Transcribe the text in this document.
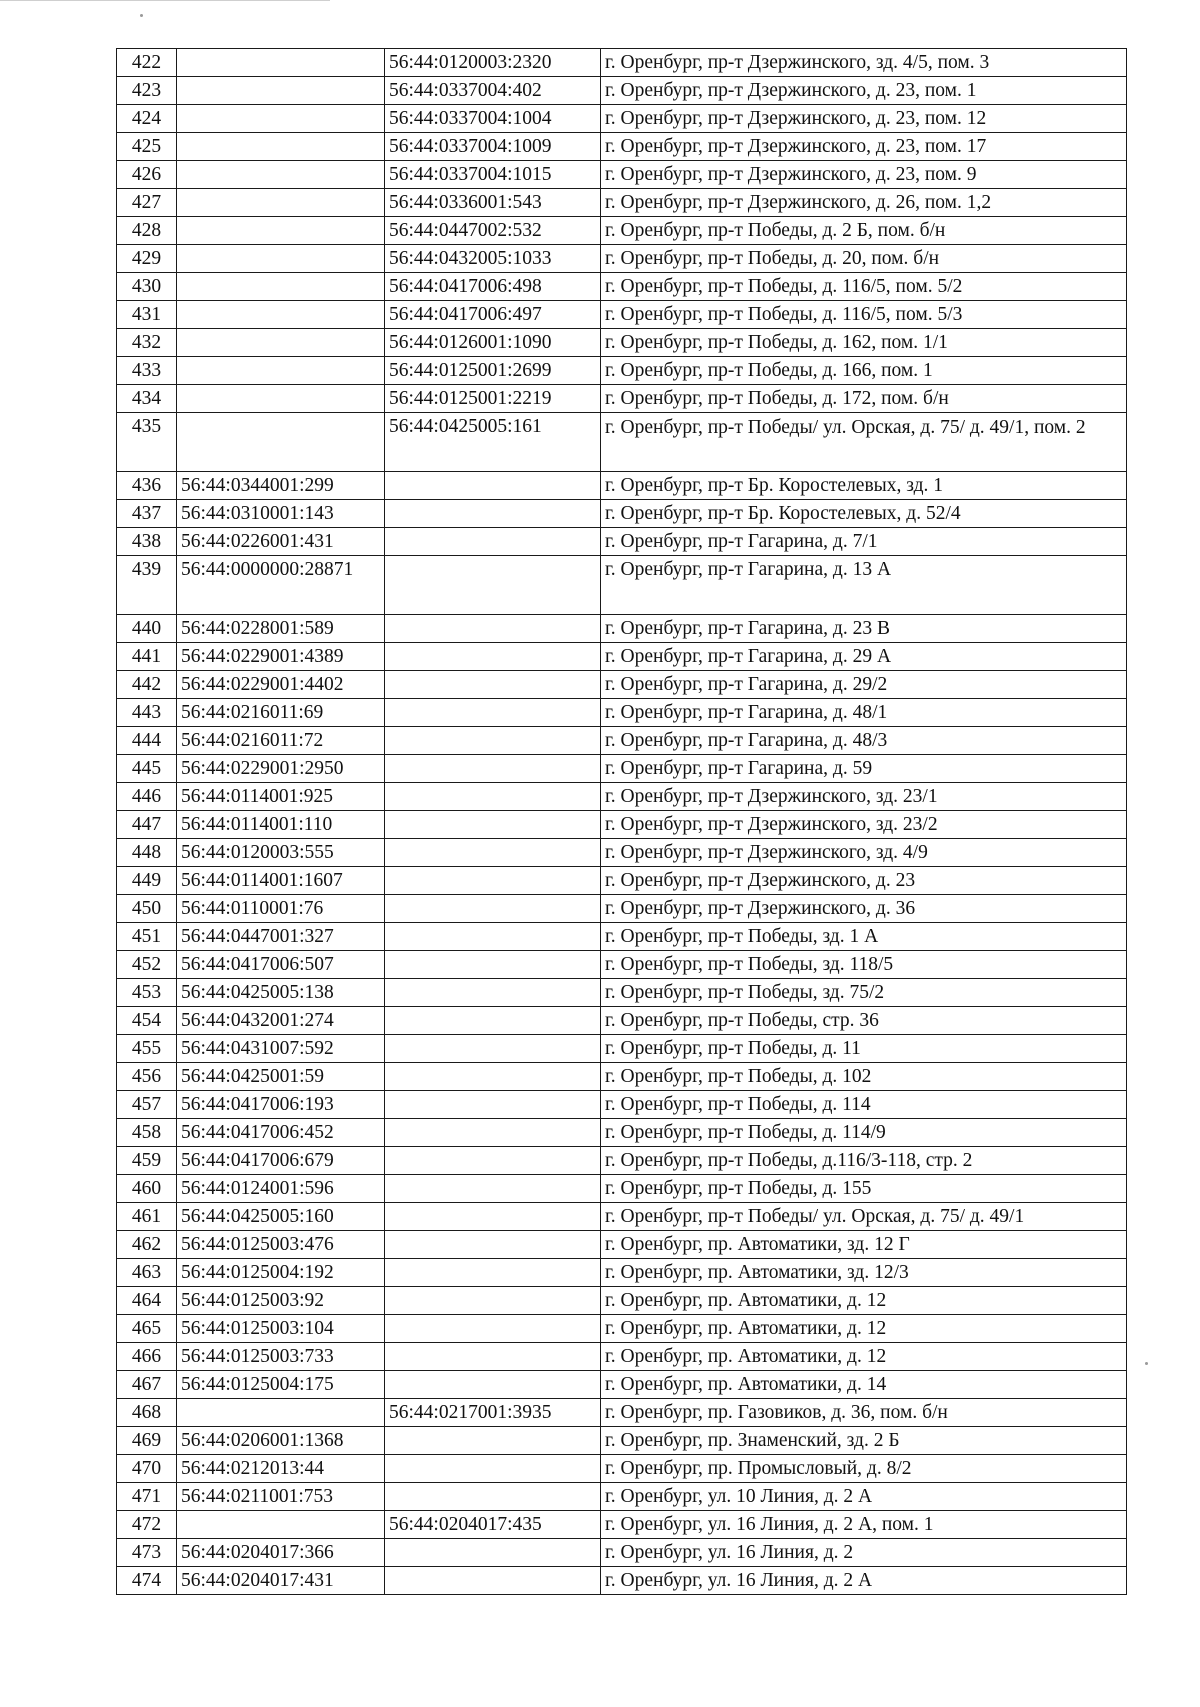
422		56:44:0120003:2320	г. Оренбург, пр-т Дзержинского, зд. 4/5, пом. 3
423		56:44:0337004:402	г. Оренбург, пр-т Дзержинского, д. 23, пом. 1
424		56:44:0337004:1004	г. Оренбург, пр-т Дзержинского, д. 23, пом. 12
425		56:44:0337004:1009	г. Оренбург, пр-т Дзержинского, д. 23, пом. 17
426		56:44:0337004:1015	г. Оренбург, пр-т Дзержинского, д. 23, пом. 9
427		56:44:0336001:543	г. Оренбург, пр-т Дзержинского, д. 26, пом. 1,2
428		56:44:0447002:532	г. Оренбург, пр-т Победы, д. 2 Б, пом. б/н
429		56:44:0432005:1033	г. Оренбург, пр-т Победы, д. 20, пом. б/н
430		56:44:0417006:498	г. Оренбург, пр-т Победы, д. 116/5, пом. 5/2
431		56:44:0417006:497	г. Оренбург, пр-т Победы, д. 116/5, пом. 5/3
432		56:44:0126001:1090	г. Оренбург, пр-т Победы, д. 162, пом. 1/1
433		56:44:0125001:2699	г. Оренбург, пр-т Победы, д. 166, пом. 1
434		56:44:0125001:2219	г. Оренбург, пр-т Победы, д. 172, пом. б/н
435		56:44:0425005:161	г. Оренбург, пр-т Победы/ ул. Орская, д. 75/ д. 49/1, пом. 2
436	56:44:0344001:299		г. Оренбург, пр-т Бр. Коростелевых, зд. 1
437	56:44:0310001:143		г. Оренбург, пр-т Бр. Коростелевых, д. 52/4
438	56:44:0226001:431		г. Оренбург, пр-т Гагарина, д. 7/1
439	56:44:0000000:28871		г. Оренбург, пр-т Гагарина, д. 13 А
440	56:44:0228001:589		г. Оренбург, пр-т Гагарина, д. 23 В
441	56:44:0229001:4389		г. Оренбург, пр-т Гагарина, д. 29 А
442	56:44:0229001:4402		г. Оренбург, пр-т Гагарина, д. 29/2
443	56:44:0216011:69		г. Оренбург, пр-т Гагарина, д. 48/1
444	56:44:0216011:72		г. Оренбург, пр-т Гагарина, д. 48/3
445	56:44:0229001:2950		г. Оренбург, пр-т Гагарина, д. 59
446	56:44:0114001:925		г. Оренбург, пр-т Дзержинского, зд. 23/1
447	56:44:0114001:110		г. Оренбург, пр-т Дзержинского, зд. 23/2
448	56:44:0120003:555		г. Оренбург, пр-т Дзержинского, зд. 4/9
449	56:44:0114001:1607		г. Оренбург, пр-т Дзержинского, д. 23
450	56:44:0110001:76		г. Оренбург, пр-т Дзержинского, д. 36
451	56:44:0447001:327		г. Оренбург, пр-т Победы, зд. 1 А
452	56:44:0417006:507		г. Оренбург, пр-т Победы, зд. 118/5
453	56:44:0425005:138		г. Оренбург, пр-т Победы, зд. 75/2
454	56:44:0432001:274		г. Оренбург, пр-т Победы, стр. 36
455	56:44:0431007:592		г. Оренбург, пр-т Победы, д. 11
456	56:44:0425001:59		г. Оренбург, пр-т Победы, д. 102
457	56:44:0417006:193		г. Оренбург, пр-т Победы, д. 114
458	56:44:0417006:452		г. Оренбург, пр-т Победы, д. 114/9
459	56:44:0417006:679		г. Оренбург, пр-т Победы, д.116/3-118, стр. 2
460	56:44:0124001:596		г. Оренбург, пр-т Победы, д. 155
461	56:44:0425005:160		г. Оренбург, пр-т Победы/ ул. Орская, д. 75/ д. 49/1
462	56:44:0125003:476		г. Оренбург, пр. Автоматики, зд. 12 Г
463	56:44:0125004:192		г. Оренбург, пр. Автоматики, зд. 12/3
464	56:44:0125003:92		г. Оренбург, пр. Автоматики, д. 12
465	56:44:0125003:104		г. Оренбург, пр. Автоматики, д. 12
466	56:44:0125003:733		г. Оренбург, пр. Автоматики, д. 12
467	56:44:0125004:175		г. Оренбург, пр. Автоматики, д. 14
468		56:44:0217001:3935	г. Оренбург, пр. Газовиков, д. 36, пом. б/н
469	56:44:0206001:1368		г. Оренбург, пр. Знаменский, зд. 2 Б
470	56:44:0212013:44		г. Оренбург, пр. Промысловый, д. 8/2
471	56:44:0211001:753		г. Оренбург, ул. 10 Линия, д. 2 А
472		56:44:0204017:435	г. Оренбург, ул. 16 Линия, д. 2 А, пом. 1
473	56:44:0204017:366		г. Оренбург, ул. 16 Линия, д. 2
474	56:44:0204017:431		г. Оренбург, ул. 16 Линия, д. 2 А
